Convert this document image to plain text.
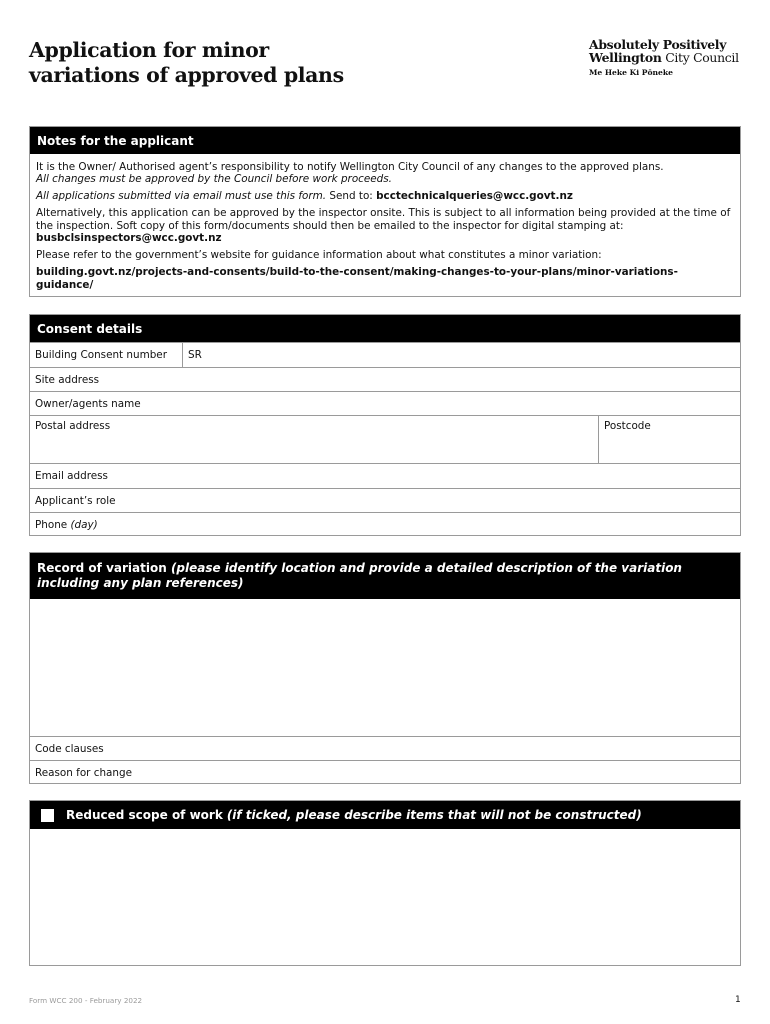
Application for minor
variations of approved plans
Absolutely Positively
Wellington City Council
Me Heke Ki Pōneke
Notes for the applicant

It is the Owner/ Authorised agent’s responsibility to notify Wellington City Council of any changes to the approved plans.

All changes must be approved by the Council before work proceeds.

All applications submitted via email must use this form. Send to: bcctechnicalqueries@wcc.govt.nz

Alternatively, this application can be approved by the inspector onsite. This is subject to all information being provided at the time of the inspection. Soft copy of this form/documents should then be emailed to the inspector for digital stamping at:
busbclsinspectors@wcc.govt.nz

Please refer to the government’s website for guidance information about what constitutes a minor variation:

building.govt.nz/projects-and-consents/build-to-the-consent/making-changes-to-your-plans/minor-variations-guidance/

Consent details
Building Consent number	SR
Site address
Owner/agents name
Postal address	Postcode
Email address
Applicant’s role
Phone (day)
Record of variation (please identify location and provide a detailed description of the variation including any plan references)
Code clauses
Reason for change
Reduced scope of work (if ticked, please describe items that will not be constructed)
Form WCC 200 - February 2022	1
